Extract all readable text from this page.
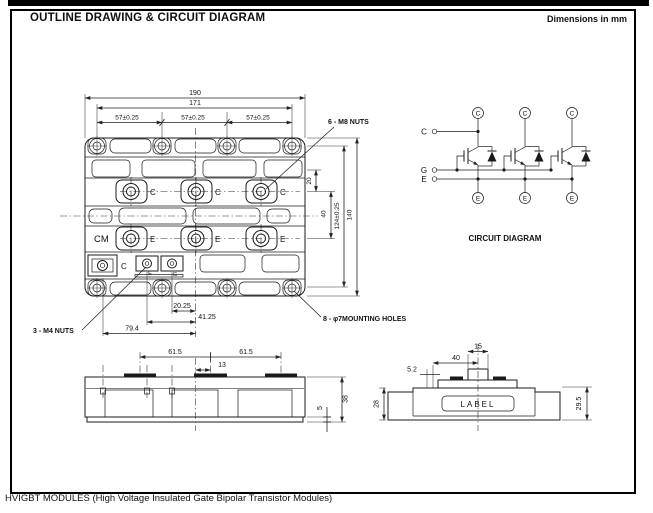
OUTLINE DRAWING & CIRCUIT DIAGRAM	Dimensions in mm
HVIGBT MODULES (High Voltage Insulated Gate Bipolar Transistor Modules)
C	C	C
E	E	E
CM
C
E	G
190
171
57±0.25	57±0.25	57±0.25
6 - M8 NUTS
20
40 124±0.25 140
20.25
41.25
79.4
3 - M4 NUTS
8 - φ7MOUNTING HOLES
61.5	61.5
13
38
5	LABEL
15
40
5.2
28	29.5
C
G
E
C
E
C
E
C
E
CIRCUIT DIAGRAM
